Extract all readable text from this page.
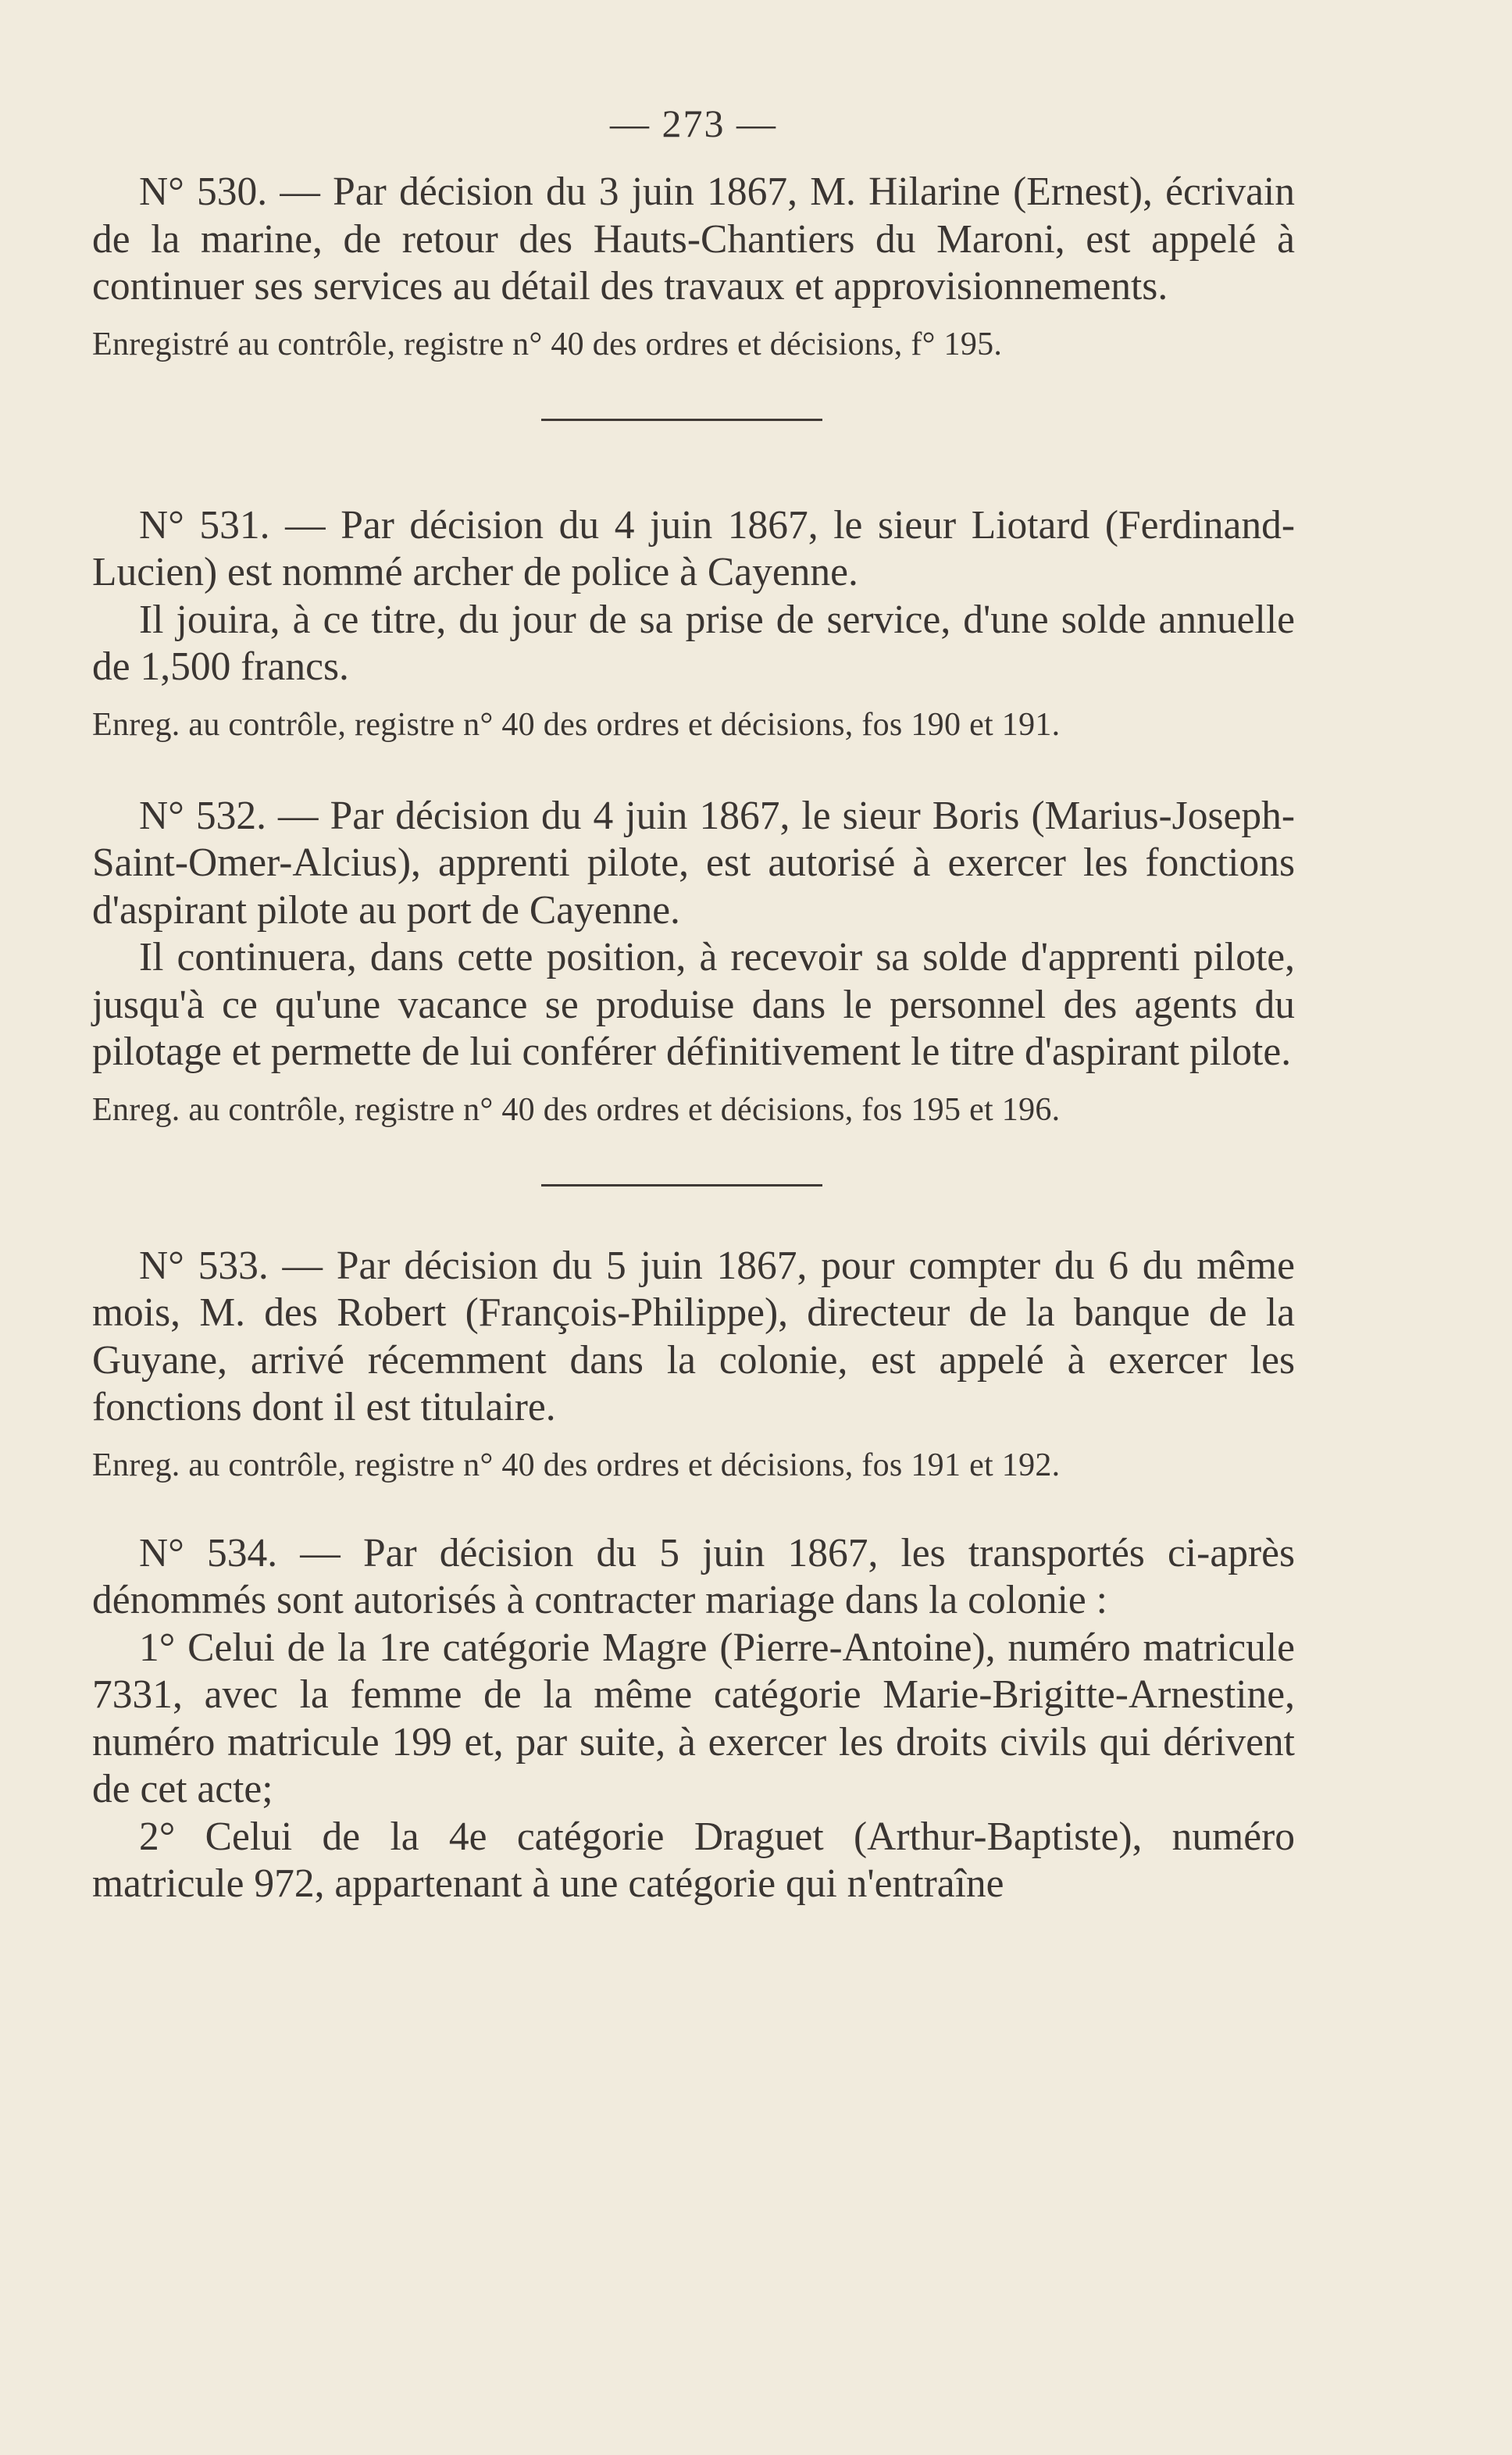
— 273 —

N° 530. — Par décision du 3 juin 1867, M. Hilarine (Ernest), écrivain de la marine, de retour des Hauts-Chantiers du Maroni, est appelé à continuer ses services au détail des travaux et approvisionnements.

Enregistré au contrôle, registre n° 40 des ordres et décisions, f° 195.

N° 531. — Par décision du 4 juin 1867, le sieur Liotard (Ferdinand-Lucien) est nommé archer de police à Cayenne.

Il jouira, à ce titre, du jour de sa prise de service, d'une solde annuelle de 1,500 francs.

Enreg. au contrôle, registre n° 40 des ordres et décisions, fos 190 et 191.

N° 532. — Par décision du 4 juin 1867, le sieur Boris (Marius-Joseph-Saint-Omer-Alcius), apprenti pilote, est autorisé à exercer les fonctions d'aspirant pilote au port de Cayenne.

Il continuera, dans cette position, à recevoir sa solde d'apprenti pilote, jusqu'à ce qu'une vacance se produise dans le personnel des agents du pilotage et permette de lui conférer définitivement le titre d'aspirant pilote.

Enreg. au contrôle, registre n° 40 des ordres et décisions, fos 195 et 196.

N° 533. — Par décision du 5 juin 1867, pour compter du 6 du même mois, M. des Robert (François-Philippe), directeur de la banque de la Guyane, arrivé récemment dans la colonie, est appelé à exercer les fonctions dont il est titulaire.

Enreg. au contrôle, registre n° 40 des ordres et décisions, fos 191 et 192.

N° 534. — Par décision du 5 juin 1867, les transportés ci-après dénommés sont autorisés à contracter mariage dans la colonie :

1° Celui de la 1re catégorie Magre (Pierre-Antoine), numéro matricule 7331, avec la femme de la même catégorie Marie-Brigitte-Arnestine, numéro matricule 199 et, par suite, à exercer les droits civils qui dérivent de cet acte;

2° Celui de la 4e catégorie Draguet (Arthur-Baptiste), numéro matricule 972, appartenant à une catégorie qui n'entraîne
